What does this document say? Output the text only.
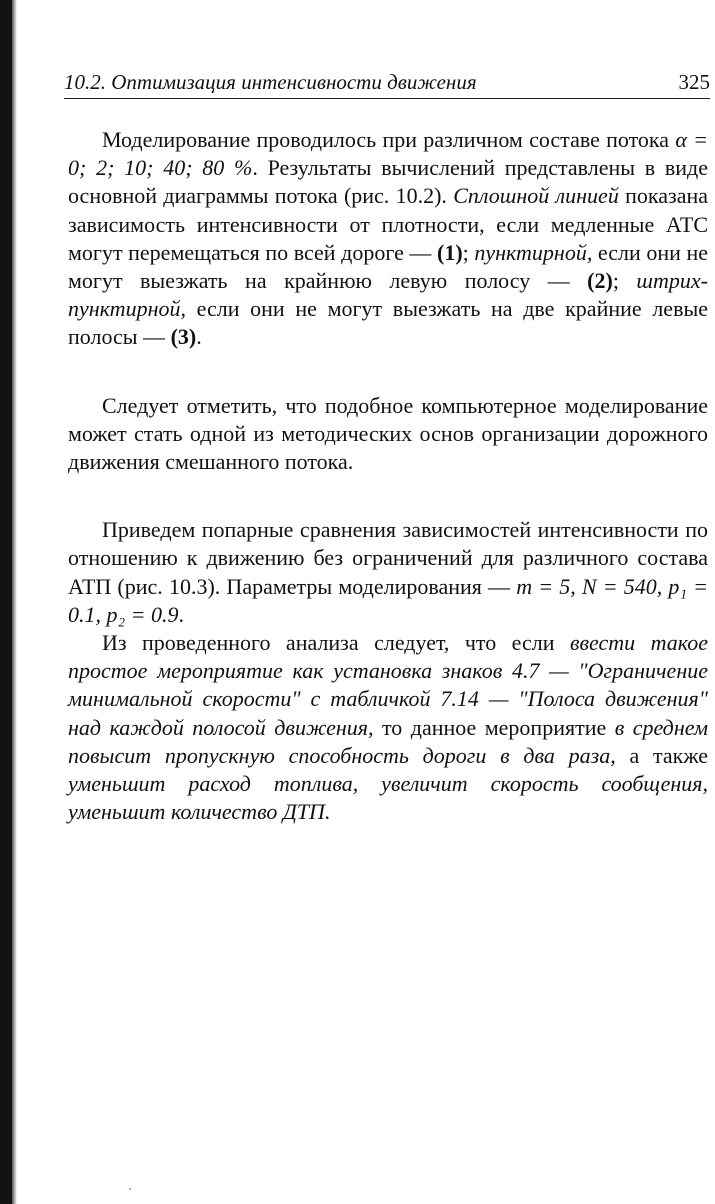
10.2. Оптимизация интенсивности движения	325

Моделирование проводилось при различном составе потока α = 0; 2; 10; 40; 80 %. Результаты вычислений представлены в виде основной диаграммы потока (рис. 10.2). Сплошной линией показана зависимость интенсивности от плотности, если медленные АТС могут перемещаться по всей дороге — (1); пунктирной, если они не могут выезжать на крайнюю левую полосу — (2); штрих-пунктирной, если они не могут выезжать на две крайние левые полосы — (3).

Следует отметить, что подобное компьютерное моделирование может стать одной из методических основ организации дорожного движения смешанного потока.

Приведем попарные сравнения зависимостей интенсивности по отношению к движению без ограничений для различного состава АТП (рис. 10.3). Параметры моделирования — m = 5, N = 540, p₁ = 0.1, p₂ = 0.9.

Из проведенного анализа следует, что если ввести такое простое мероприятие как установка знаков 4.7 — "Ограничение минимальной скорости" с табличкой 7.14 — "Полоса движения" над каждой полосой движения, то данное мероприятие в среднем повысит пропускную способность дороги в два раза, а также уменьшит расход топлива, увеличит скорость сообщения, уменьшит количество ДТП.
